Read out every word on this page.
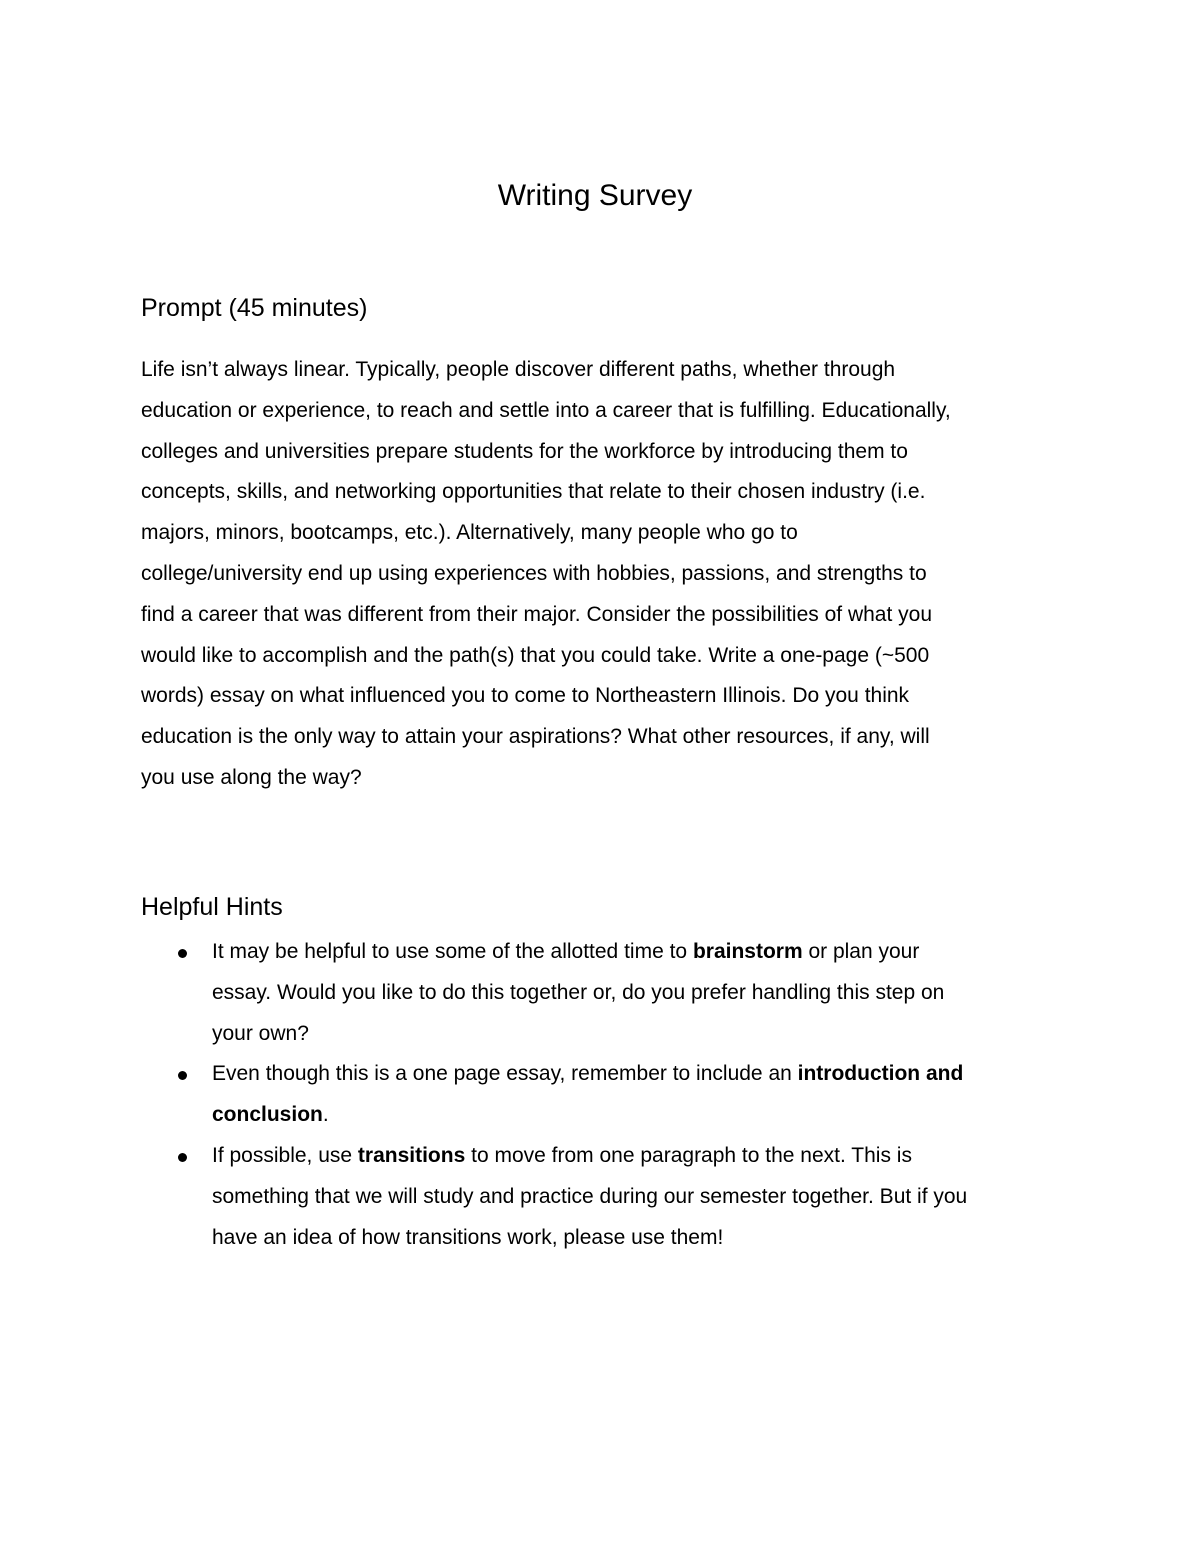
Writing Survey
Prompt (45 minutes)

Life isn’t always linear. Typically, people discover different paths, whether through
education or experience, to reach and settle into a career that is fulfilling. Educationally,
colleges and universities prepare students for the workforce by introducing them to
concepts, skills, and networking opportunities that relate to their chosen industry (i.e.
majors, minors, bootcamps, etc.). Alternatively, many people who go to
college/university end up using experiences with hobbies, passions, and strengths to
find a career that was different from their major. Consider the possibilities of what you
would like to accomplish and the path(s) that you could take. Write a one-page (~500
words) essay on what influenced you to come to Northeastern Illinois. Do you think
education is the only way to attain your aspirations? What other resources, if any, will
you use along the way?

Helpful Hints
It may be helpful to use some of the allotted time to brainstorm or plan your
essay. Would you like to do this together or, do you prefer handling this step on
your own?
Even though this is a one page essay, remember to include an introduction and
conclusion.
If possible, use transitions to move from one paragraph to the next. This is
something that we will study and practice during our semester together. But if you
have an idea of how transitions work, please use them!
